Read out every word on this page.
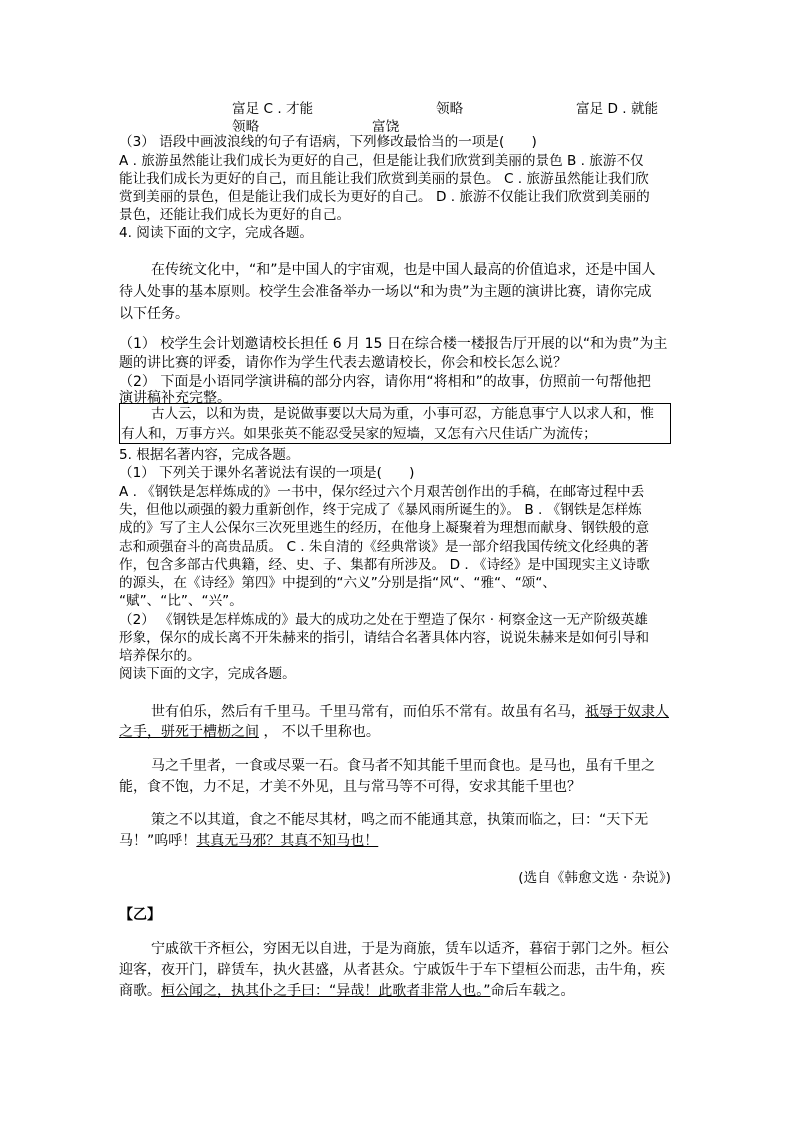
富足 C . 才能	领略	富足 D . 就能
领略	富饶
（3） 语段中画波浪线的句子有语病，下列修改最恰当的一项是(　　)
A . 旅游虽然能让我们成长为更好的自己，但是能让我们欣赏到美丽的景色 B . 旅游不仅
能让我们成长为更好的自己，而且能让我们欣赏到美丽的景色。 C . 旅游虽然能让我们欣
赏到美丽的景色，但是能让我们成长为更好的自己。 D . 旅游不仅能让我们欣赏到美丽的
景色，还能让我们成长为更好的自己。
4. 阅读下面的文字，完成各题。
在传统文化中，“和”是中国人的宇宙观，也是中国人最高的价值追求，还是中国人
待人处事的基本原则。校学生会准备举办一场以“和为贵”为主题的演讲比赛，请你完成
以下任务。
（1） 校学生会计划邀请校长担任 6 月 15 日在综合楼一楼报告厅开展的以“和为贵”为主
题的讲比赛的评委，请你作为学生代表去邀请校长，你会和校长怎么说？
（2） 下面是小语同学演讲稿的部分内容，请你用“将相和”的故事，仿照前一句帮他把
演讲稿补充完整。
古人云，以和为贵，是说做事要以大局为重，小事可忍，方能息事宁人以求人和，惟
有人和，万事方兴。如果张英不能忍受吴家的短墙，又怎有六尺佳话广为流传；
5. 根据名著内容，完成各题。
（1） 下列关于课外名著说法有误的一项是(　　)
A . 《钢铁是怎样炼成的》一书中，保尔经过六个月艰苦创作出的手稿，在邮寄过程中丢
失，但他以顽强的毅力重新创作，终于完成了《暴风雨所诞生的》。 B . 《钢铁是怎样炼
成的》写了主人公保尔三次死里逃生的经历，在他身上凝聚着为理想而献身、钢铁般的意
志和顽强奋斗的高贵品质。 C . 朱自清的《经典常谈》是一部介绍我国传统文化经典的著
作，包含多部古代典籍，经、史、子、集都有所涉及。 D . 《诗经》是中国现实主义诗歌
的源头，在《诗经》第四》中提到的“六义”分别是指“风“、“雅“、“颂“、
“赋”、“比”、“兴”。
（2） 《钢铁是怎样炼成的》最大的成功之处在于塑造了保尔 · 柯察金这一无产阶级英雄
形象，保尔的成长离不开朱赫来的指引，请结合名著具体内容，说说朱赫来是如何引导和
培养保尔的。
阅读下面的文字，完成各题。
世有伯乐，然后有千里马。千里马常有，而伯乐不常有。故虽有名马，祗辱于奴隶人
之手，骈死于槽枥之间 ， 不以千里称也。
马之千里者，一食或尽粟一石。食马者不知其能千里而食也。是马也，虽有千里之
能，食不饱，力不足，才美不外见，且与常马等不可得，安求其能千里也？
策之不以其道，食之不能尽其材，鸣之而不能通其意，执策而临之，曰：“天下无
马！”呜呼！其真无马邪？其真不知马也！
(选自《韩愈文选 · 杂说》)
【乙】
宁戚欲干齐桓公，穷困无以自进，于是为商旅，赁车以适齐，暮宿于郭门之外。桓公
迎客，夜开门，辟赁车，执火甚盛，从者甚众。宁戚饭牛于车下望桓公而悲，击牛角，疾
商歌。桓公闻之，执其仆之手曰：“异哉！此歌者非常人也。”命后车载之。
